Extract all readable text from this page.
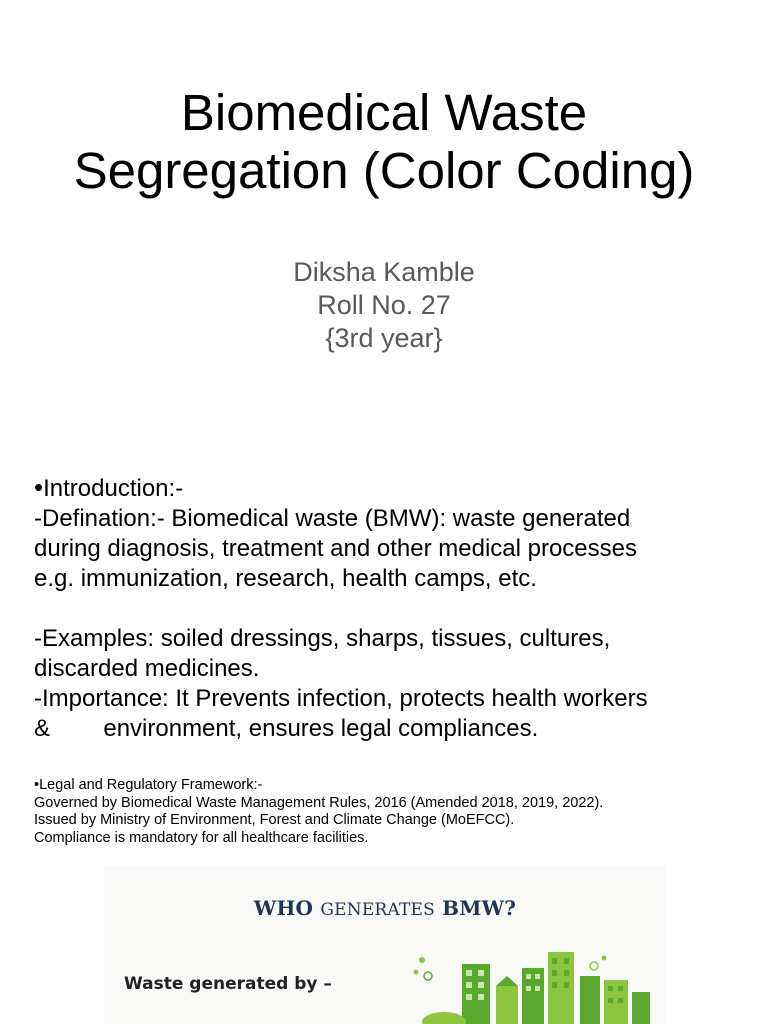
Biomedical Waste
Segregation (Color Coding)
Diksha Kamble
Roll No. 27
{3rd year}
•Introduction:-
-Defination:- Biomedical waste (BMW): waste generated
during diagnosis, treatment and other medical processes
e.g. immunization, research, health camps, etc.
-Examples: soiled dressings, sharps, tissues, cultures,
discarded medicines.
-Importance: It Prevents infection, protects health workers
&        environment, ensures legal compliances.
•Legal and Regulatory Framework:-
Governed by Biomedical Waste Management Rules, 2016 (Amended 2018, 2019, 2022).
Issued by Ministry of Environment, Forest and Climate Change (MoEFCC).
Compliance is mandatory for all healthcare facilities.
WHO GENERATES BMW?
Waste generated by –
